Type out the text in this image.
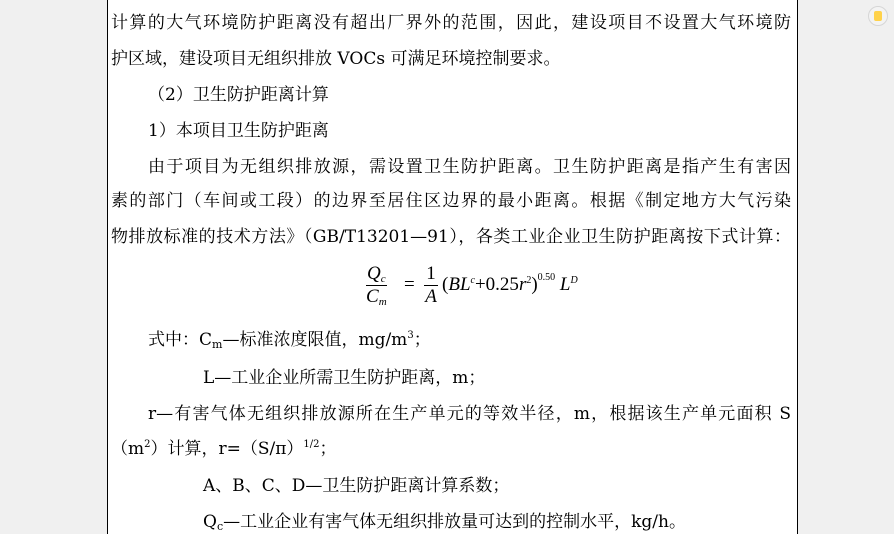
计算的大气环境防护距离没有超出厂界外的范围，因此，建设项目不设置大气环境防
护区域，建设项目无组织排放 VOCs 可满足环境控制要求。
（2）卫生防护距离计算
1）本项目卫生防护距离
由于项目为无组织排放源，需设置卫生防护距离。卫生防护距离是指产生有害因
素的部门（车间或工段）的边界至居住区边界的最小距离。根据《制定地方大气污染
物排放标准的技术方法》（GB/T13201—91），各类工业企业卫生防护距离按下式计算：
$Q_c$
$C_m$
=
1
A
$(BL^c+0.25r^2)^{0.50}$ $L^D$
式中：$C_m—$标准浓度限值，$mg/m^3$；
L—工业企业所需卫生防护距离，m；
r—有害气体无组织排放源所在生产单元的等效半径，m，根据该生产单元面积 S
$(m^2)$计算，$r=(S/\pi)^{1/2}$；
A、B、C、D—卫生防护距离计算系数；
$Q_c—$工业企业有害气体无组织排放量可达到的控制水平，kg/h。
